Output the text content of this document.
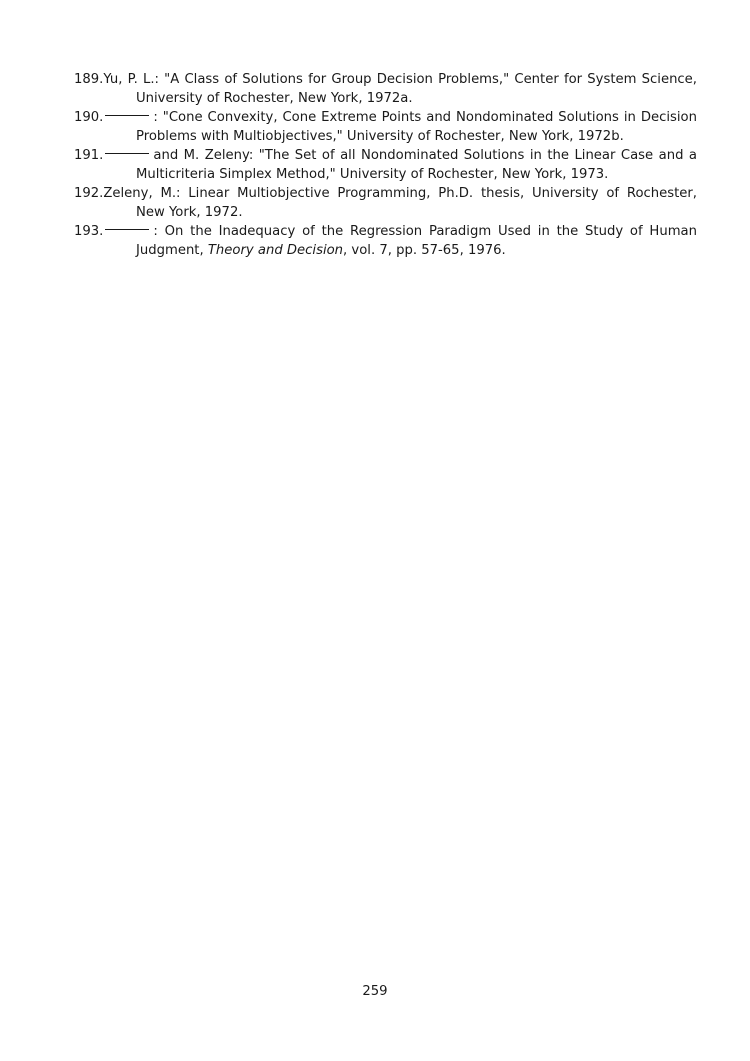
189.Yu, P. L.: "A Class of Solutions for Group Decision Problems," Center for System Science, University of Rochester, New York, 1972a.

190.	: "Cone Convexity, Cone Extreme Points and Nondominated Solutions in Decision Problems with Multiobjectives," University of Rochester, New York, 1972b.

191.	and M. Zeleny: "The Set of all Nondominated Solutions in the Linear Case and a Multicriteria Simplex Method," University of Rochester, New York, 1973.

192.Zeleny, M.: Linear Multiobjective Programming, Ph.D. thesis, University of Rochester, New York, 1972.

193.	: On the Inadequacy of the Regression Paradigm Used in the Study of Human Judgment, Theory and Decision, vol. 7, pp. 57-65, 1976.

259
